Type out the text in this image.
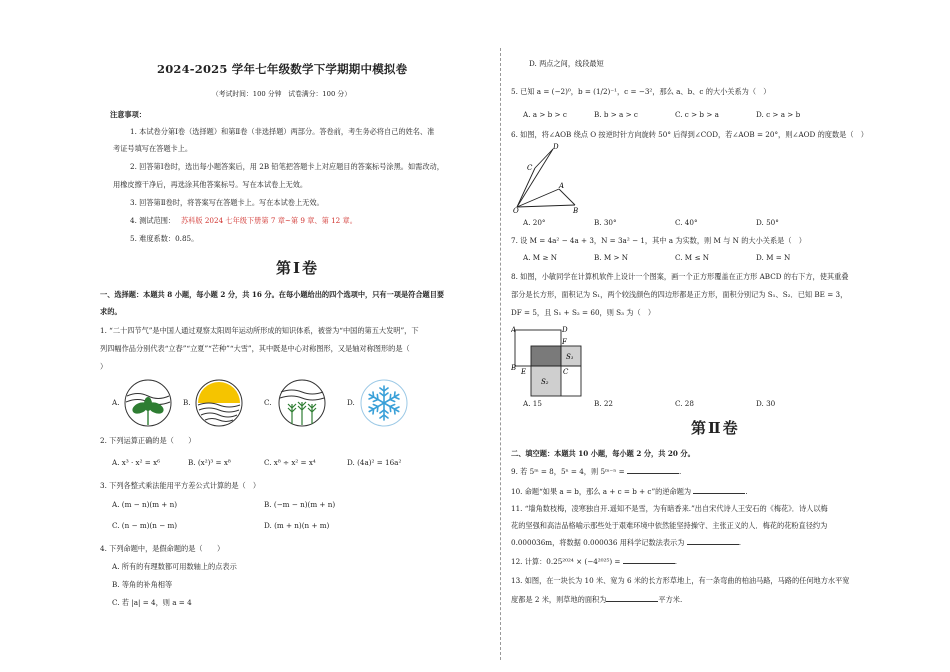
2024-2025 学年七年级数学下学期期中模拟卷
（考试时间：100 分钟　试卷满分：100 分）
注意事项：
1. 本试卷分第Ⅰ卷（选择题）和第Ⅱ卷（非选择题）两部分。答卷前，考生务必将自己的姓名、准
考证号填写在答题卡上。
2. 回答第Ⅰ卷时，选出每小题答案后，用 2B 铅笔把答题卡上对应题目的答案标号涂黑。如需改动，
用橡皮擦干净后，再选涂其他答案标号。写在本试卷上无效。
3. 回答第Ⅱ卷时，将答案写在答题卡上。写在本试卷上无效。
4. 测试范围： 苏科版 2024 七年级下册第 7 章~第 9 章、第 12 章。
5. 难度系数：0.85。
第Ⅰ卷
一、选择题：本题共 8 小题，每小题 2 分，共 16 分。在每小题给出的四个选项中，只有一项是符合题目要
求的。
1. “二十四节气”是中国人通过观察太阳周年运动所形成的知识体系，被誉为“中国的第五大发明”，下
列四幅作品分别代表“立春”“立夏”“芒种”“大雪”，其中既是中心对称图形，又是轴对称图形的是（
）
A.	B.	C.	D.
2. 下列运算正确的是（　　）
A. x³ · x² = x⁶	B. (x²)³ = x⁸	C. x⁸ ÷ x² = x⁴	D. (4a)² = 16a²
3. 下列各整式乘法能用平方差公式计算的是（　）
A. (m − n)(m + n)	B. (−m − n)(m + n)
C. (n − m)(n − m)	D. (m + n)(n + m)
4. 下列命题中，是假命题的是（　　）
A. 所有的有理数都可用数轴上的点表示
B. 等角的补角相等
C. 若 |a| = 4，则 a = 4
D. 两点之间，线段最短
5. 已知 a = (−2)⁰，b = (1/2)⁻¹，c = −3²，那么 a、b、c 的大小关系为（　）
A. a > b > c	B. b > a > c	C. c > b > a	D. c > a > b
6. 如图，将∠AOB 绕点 O 按逆时针方向旋转 50° 后得到∠COD，若∠AOB = 20°，则∠AOD 的度数是（　）
C
D
A
B
O
A. 20°	B. 30°	C. 40°	D. 50°
7. 设 M = 4a² − 4a + 3，N = 3a² − 1，其中 a 为实数，则 M 与 N 的大小关系是（　）
A. M ≥ N	B. M > N	C. M ≤ N	D. M = N
8. 如图，小敏同学在计算机软件上设计一个图案，画一个正方形覆盖在正方形 ABCD 的右下方，使其重叠
部分是长方形，面积记为 S₁，两个较浅颜色的四边形都是正方形，面积分别记为 S₁、S₂．已知 BE = 3，
DF = 5，且 S₁ + S₂ = 60，则 S₃ 为（　）
A	D
F
S₁
B	C
E
S₂
A. 15	B. 22	C. 28	D. 30
第Ⅱ卷
二、填空题：本题共 10 小题，每小题 2 分，共 20 分。
9. 若 5ᵐ = 8，5ⁿ = 4，则 5ᵐ⁻ⁿ =	.
10. 命题“如果 a = b，那么 a + c = b + c”的逆命题为	.
11. “墙角数枝梅，凌寒独自开.遥知不是雪，为有暗香来.”出自宋代诗人王安石的《梅花》．诗人以梅
花的坚强和高洁品格喻示那些处于艰难环境中依然能坚持操守、主张正义的人．梅花的花粉直径约为
0.000036m，将数据 0.000036 用科学记数法表示为	.
12. 计算：0.25²⁰²⁴ × (−4²⁰²⁵) =	.
13. 如图，在一块长为 10 米、宽为 6 米的长方形草地上，有一条弯曲的柏油马路，马路的任何地方水平宽
度都是 2 米，则草地的面积为	平方米.
